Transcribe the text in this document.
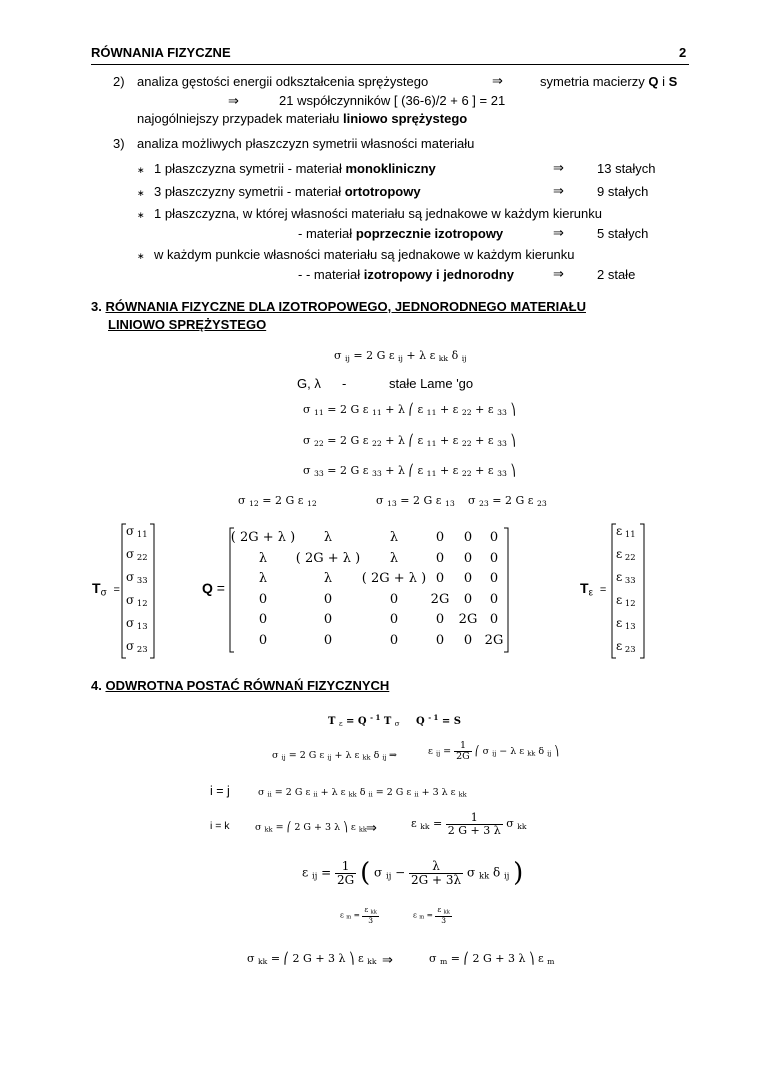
RÓWNANIA FIZYCZNE	2
2) analiza gęstości energii odkształcenia sprężystego	⇒	symetria macierzy Q i S
⇒	21 współczynników [ (36-6)/2 + 6 ] = 21
najogólniejszy przypadek materiału liniowo sprężystego
3) analiza możliwych płaszczyzn symetrii własności materiału
∗ 1 płaszczyzna symetrii - materiał monokliniczny	⇒	13 stałych
∗ 3 płaszczyzny symetrii - materiał ortotropowy	⇒	9 stałych
∗ 1 płaszczyzna, w której własności materiału są jednakowe w każdym kierunku
- materiał poprzecznie izotropowy	⇒	5 stałych
∗ w każdym punkcie własności materiału są jednakowe w każdym kierunku
- - materiał izotropowy i jednorodny	⇒	2 stałe
3. RÓWNANIA FIZYCZNE DLA IZOTROPOWEGO, JEDNORODNEGO MATERIAŁU
LINIOWO SPRĘŻYSTEGO
σ $_{ij}$ = 2 G ε $_{ij}$ + λ ε $_{kk}$ δ $_{ij}$
G, λ -	stałe Lame 'go
σ $_{11}$ = 2 G ε $_{11}$ + λ ⎛ ε $_{11}$ + ε $_{22}$ + ε $_{33}$ ⎞
σ $_{22}$ = 2 G ε $_{22}$ + λ ⎛ ε $_{11}$ + ε $_{22}$ + ε $_{33}$ ⎞
σ $_{33}$ = 2 G ε $_{33}$ + λ ⎛ ε $_{11}$ + ε $_{22}$ + ε $_{33}$ ⎞
σ $_{12}$ = 2 G ε $_{12}$	σ $_{13}$ = 2 G ε $_{13}$ σ $_{23}$ = 2 G ε $_{23}$
$T_\sigma$  =
σ $_{11}$
σ $_{22}$
σ $_{33}$
σ $_{12}$
σ $_{13}$
σ $_{23}$
Q =
( 2G + λ )	λ	λ	0	0	0
λ	( 2G + λ )	λ	0	0	0
λ	λ	( 2G + λ ) 0	0	0
0	0	0	2G	0	0
0	0	0	0	2G 0
0	0	0	0	0 2G
$T_\varepsilon$  =
ε $_{11}$
ε $_{22}$
ε $_{33}$
ε $_{12}$
ε $_{13}$
ε $_{23}$
4. ODWROTNA POSTAĆ RÓWNAŃ FIZYCZNYCH
T $_\varepsilon$ = Q $^{- 1}$ T $_\sigma$ Q $^{- 1}$ = S
σ $_{ij}$ = 2 G ε $_{ij}$ + λ ε $_{kk}$ δ $_{ij}$ ⇒	ε $_{ij} = \frac{1}{2G}$ ⎛ σ $_{ij}$ − λ ε $_{kk}$ δ $_{ij}$ ⎞
i = j	σ $_{ii}$ = 2 G ε $_{ii}$ + λ ε $_{kk}$ δ $_{ii}$ = 2 G ε $_{ii}$ + 3 λ ε $_{kk}$
i = k	σ $_{kk}$ = ⎛ 2 G + 3 λ ⎞ ε $_{kk}$ ⇒	ε $_{kk} = \frac{1}{2 G + 3 \lambda}$ σ $_{kk}$
ε $_{ij} = \frac{1}{2G}$ ( σ $_{ij} - \frac{\lambda}{2G + 3\lambda}$ σ $_{kk}$ δ $_{ij}$ )
ε $_m = \frac{\varepsilon _{kk}}{3}$	ε $_m = \frac{\varepsilon _{kk}}{3}$
σ $_{kk}$ = ⎛ 2 G + 3 λ ⎞ ε $_{kk}$ ⇒	σ $_m$ = ⎛ 2 G + 3 λ ⎞ ε $_m$
